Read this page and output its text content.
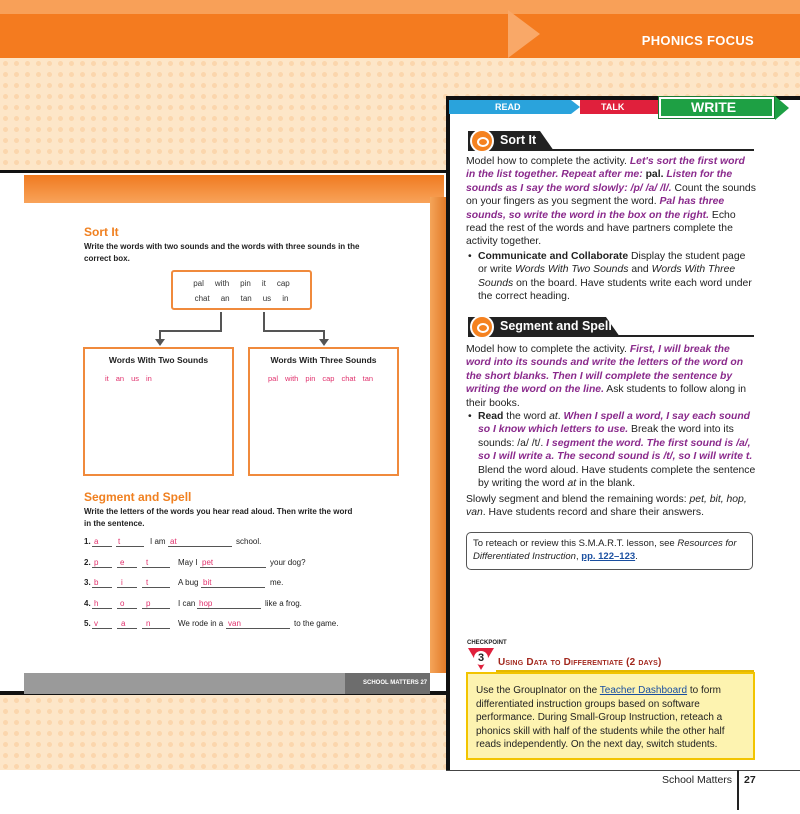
PHONICS FOCUS
SCHOOL MATTERS 27
Sort It
Write the words with two sounds and the words with three sounds in the correct box.
pal with pin it cap
chat an tan us in
Words With Two Sounds
it an us in
Words With Three Sounds
pal with pin cap chat tan
Segment and Spell
Write the letters of the words you hear read aloud. Then write the word in the sentence.
1. a t	I am at	school.
2. p	e	t	May I pet	your dog?
3. b	i	t	A bug bit	me.
4. h	o	p	I can hop	like a frog.
5. v	a	n	We rode in a van	to the game.
READ	TALK	WRITE
Sort It
Model how to complete the activity. Let's sort the first word in the list together. Repeat after me: pal. Listen for the sounds as I say the word slowly: /p/ /a/ /l/. Count the sounds on your fingers as you segment the word. Pal has three sounds, so write the word in the box on the right. Echo read the rest of the words and have partners complete the activity together.
• Communicate and Collaborate Display the student page or write Words With Two Sounds and Words With Three Sounds on the board. Have students write each word under the correct heading.
Segment and Spell
Model how to complete the activity. First, I will break the word into its sounds and write the letters of the word on the short blanks. Then I will complete the sentence by writing the word on the line. Ask students to follow along in their books.
• Read the word at. When I spell a word, I say each sound so I know which letters to use. Break the word into its sounds: /a/ /t/. I segment the word. The first sound is /a/, so I will write a. The second sound is /t/, so I will write t. Blend the word aloud. Have students complete the sentence by writing the word at in the blank.
Slowly segment and blend the remaining words: pet, bit, hop, van. Have students record and share their answers.
To reteach or review this S.M.A.R.T. lesson, see Resources for Differentiated Instruction, pp. 122–123.
CHECKPOINT
3	Using Data to Differentiate (2 days)
Use the GroupInator on the Teacher Dashboard to form differentiated instruction groups based on software performance. During Small-Group Instruction, reteach a phonics skill with half of the students while the other half reads independently. On the next day, switch students.
School Matters 27
